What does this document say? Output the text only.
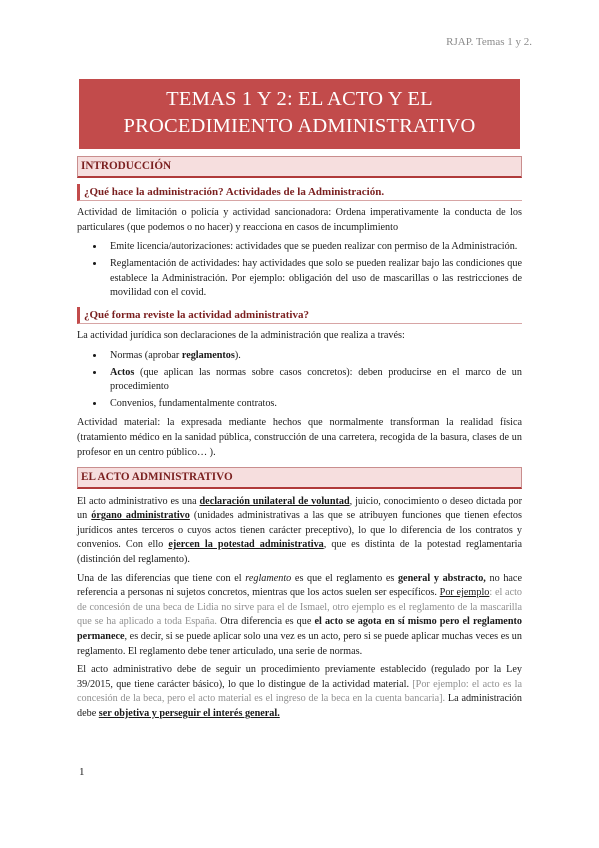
RJAP. Temas 1 y 2.
TEMAS 1 Y 2: EL ACTO Y EL
PROCEDIMIENTO ADMINISTRATIVO
INTRODUCCIÓN
¿Qué hace la administración? Actividades de la Administración.

Actividad de limitación o policía y actividad sancionadora: Ordena imperativamente la conducta de los particulares (que podemos o no hacer) y reacciona en casos de incumplimiento

• Emite licencia/autorizaciones: actividades que se pueden realizar con permiso de la Administración.
• Reglamentación de actividades: hay actividades que solo se pueden realizar bajo las condiciones que establece la Administración. Por ejemplo: obligación del uso de mascarillas o las restricciones de movilidad con el covid.
¿Qué forma reviste la actividad administrativa?

La actividad jurídica son declaraciones de la administración que realiza a través:

• Normas (aprobar reglamentos).
• Actos (que aplican las normas sobre casos concretos): deben producirse en el marco de un procedimiento
• Convenios, fundamentalmente contratos.

Actividad material: la expresada mediante hechos que normalmente transforman la realidad física (tratamiento médico en la sanidad pública, construcción de una carretera, recogida de la basura, clases de un profesor en un centro público… ).

EL ACTO ADMINISTRATIVO

El acto administrativo es una declaración unilateral de voluntad, juicio, conocimiento o deseo dictada por un órgano administrativo (unidades administrativas a las que se atribuyen funciones que tienen efectos jurídicos antes terceros o cuyos actos tienen carácter preceptivo), lo que lo diferencia de los contratos y convenios. Con ello ejercen la potestad administrativa, que es distinta de la potestad reglamentaria (distinción del reglamento).

Una de las diferencias que tiene con el reglamento es que el reglamento es general y abstracto, no hace referencia a personas ni sujetos concretos, mientras que los actos suelen ser específicos. Por ejemplo: el acto de concesión de una beca de Lidia no sirve para el de Ismael, otro ejemplo es el reglamento de la mascarilla que se ha aplicado a toda España. Otra diferencia es que el acto se agota en sí mismo pero el reglamento permanece, es decir, si se puede aplicar solo una vez es un acto, pero si se puede aplicar muchas veces es un reglamento. El reglamento debe tener articulado, una serie de normas.

El acto administrativo debe de seguir un procedimiento previamente establecido (regulado por la Ley 39/2015, que tiene carácter básico), lo que lo distingue de la actividad material. [Por ejemplo: el acto es la concesión de la beca, pero el acto material es el ingreso de la beca en la cuenta bancaria]. La administración debe ser objetiva y perseguir el interés general.

1
